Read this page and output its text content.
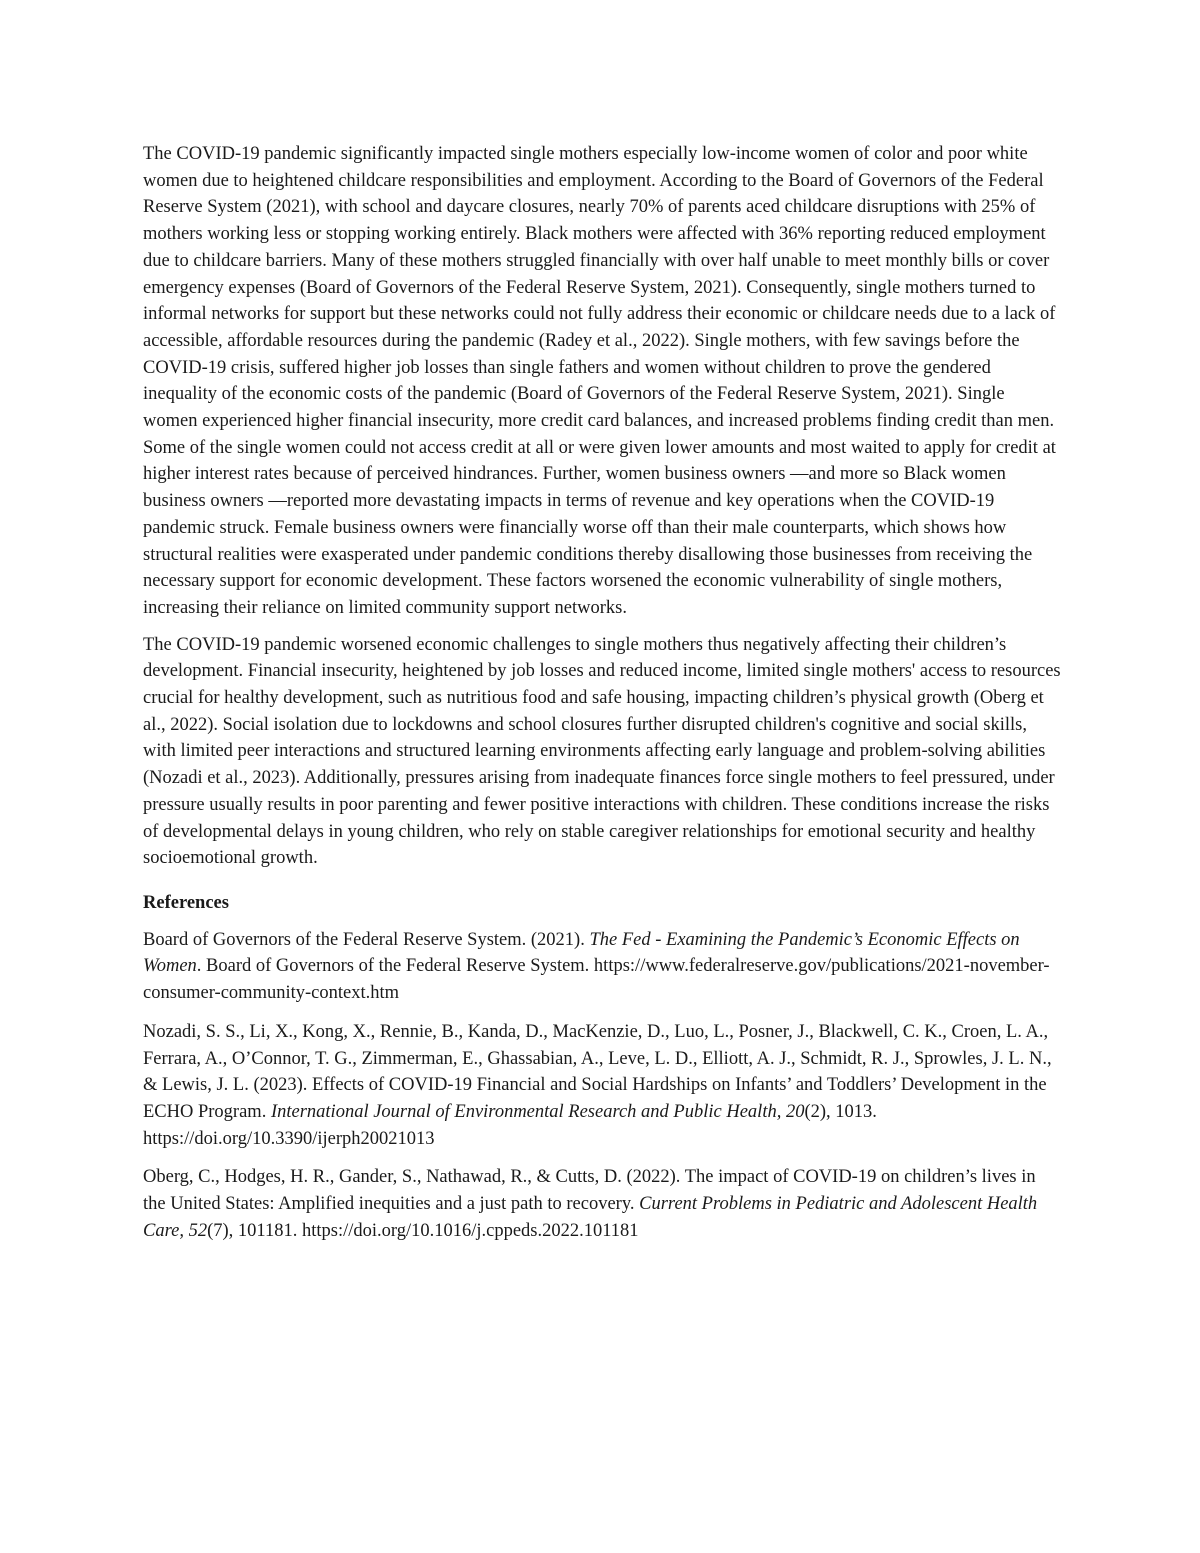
The COVID-19 pandemic significantly impacted single mothers especially low-income women of color and poor white women due to heightened childcare responsibilities and employment. According to the Board of Governors of the Federal Reserve System (2021), with school and daycare closures, nearly 70% of parents aced childcare disruptions with 25% of mothers working less or stopping working entirely. Black mothers were affected with 36% reporting reduced employment due to childcare barriers. Many of these mothers struggled financially with over half unable to meet monthly bills or cover emergency expenses (Board of Governors of the Federal Reserve System, 2021). Consequently, single mothers turned to informal networks for support but these networks could not fully address their economic or childcare needs due to a lack of accessible, affordable resources during the pandemic (Radey et al., 2022). Single mothers, with few savings before the COVID-19 crisis, suffered higher job losses than single fathers and women without children to prove the gendered inequality of the economic costs of the pandemic (Board of Governors of the Federal Reserve System, 2021). Single women experienced higher financial insecurity, more credit card balances, and increased problems finding credit than men. Some of the single women could not access credit at all or were given lower amounts and most waited to apply for credit at higher interest rates because of perceived hindrances. Further, women business owners —and more so Black women business owners —reported more devastating impacts in terms of revenue and key operations when the COVID-19 pandemic struck. Female business owners were financially worse off than their male counterparts, which shows how structural realities were exasperated under pandemic conditions thereby disallowing those businesses from receiving the necessary support for economic development. These factors worsened the economic vulnerability of single mothers, increasing their reliance on limited community support networks.

The COVID-19 pandemic worsened economic challenges to single mothers thus negatively affecting their children’s development. Financial insecurity, heightened by job losses and reduced income, limited single mothers' access to resources crucial for healthy development, such as nutritious food and safe housing, impacting children’s physical growth (Oberg et al., 2022). Social isolation due to lockdowns and school closures further disrupted children's cognitive and social skills, with limited peer interactions and structured learning environments affecting early language and problem-solving abilities (Nozadi et al., 2023). Additionally, pressures arising from inadequate finances force single mothers to feel pressured, under pressure usually results in poor parenting and fewer positive interactions with children. These conditions increase the risks of developmental delays in young children, who rely on stable caregiver relationships for emotional security and healthy socioemotional growth.

References

Board of Governors of the Federal Reserve System. (2021). The Fed - Examining the Pandemic’s Economic Effects on Women. Board of Governors of the Federal Reserve System. https://www.federalreserve.gov/publications/2021-november-consumer-community-context.htm

Nozadi, S. S., Li, X., Kong, X., Rennie, B., Kanda, D., MacKenzie, D., Luo, L., Posner, J., Blackwell, C. K., Croen, L. A., Ferrara, A., O’Connor, T. G., Zimmerman, E., Ghassabian, A., Leve, L. D., Elliott, A. J., Schmidt, R. J., Sprowles, J. L. N., & Lewis, J. L. (2023). Effects of COVID-19 Financial and Social Hardships on Infants’ and Toddlers’ Development in the ECHO Program. International Journal of Environmental Research and Public Health, 20(2), 1013. https://doi.org/10.3390/ijerph20021013

Oberg, C., Hodges, H. R., Gander, S., Nathawad, R., & Cutts, D. (2022). The impact of COVID-19 on children’s lives in the United States: Amplified inequities and a just path to recovery. Current Problems in Pediatric and Adolescent Health Care, 52(7), 101181. https://doi.org/10.1016/j.cppeds.2022.101181
